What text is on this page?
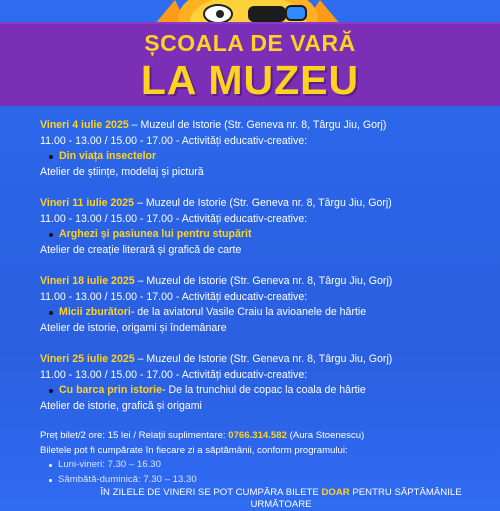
ȘCOALA DE VARĂ
LA MUZEU
Vineri 4 iulie 2025 – Muzeul de Istorie (Str. Geneva nr. 8, Târgu Jiu, Gorj)
11.00 - 13.00 / 15.00 - 17.00 - Activități educativ-creative:
Din viața insectelor
Atelier de științe, modelaj și pictură
Vineri 11 iulie 2025 – Muzeul de Istorie (Str. Geneva nr. 8, Târgu Jiu, Gorj)
11.00 - 13.00 / 15.00 - 17.00 - Activități educativ-creative:
Arghezi și pasiunea lui pentru stupărit
Atelier de creație literară și grafică de carte
Vineri 18 iulie 2025 – Muzeul de Istorie (Str. Geneva nr. 8, Târgu Jiu, Gorj)
11.00 - 13.00 / 15.00 - 17.00 - Activități educativ-creative:
Micii zburători - de la aviatorul Vasile Craiu la avioanele de hârtie
Atelier de istorie, origami și îndemânare
Vineri 25 iulie 2025 – Muzeul de Istorie (Str. Geneva nr. 8, Târgu Jiu, Gorj)
11.00 - 13.00 / 15.00 - 17.00 - Activități educativ-creative:
Cu barca prin istorie - De la trunchiul de copac la coala de hârtie
Atelier de istorie, grafică și origami
Preț bilet/2 ore: 15 lei / Relații suplimentare: 0766.314.582 (Aura Stoenescu)
Biletele pot fi cumpărate în fiecare zi a săptămânii, conform programului:
Luni-vineri: 7.30 – 16.30
Sâmbătă-duminică: 7.30 – 13.30
ÎN ZILELE DE VINERI SE POT CUMPĂRA BILETE DOAR PENTRU SĂPTĂMÂNILE
URMĂTOARE
